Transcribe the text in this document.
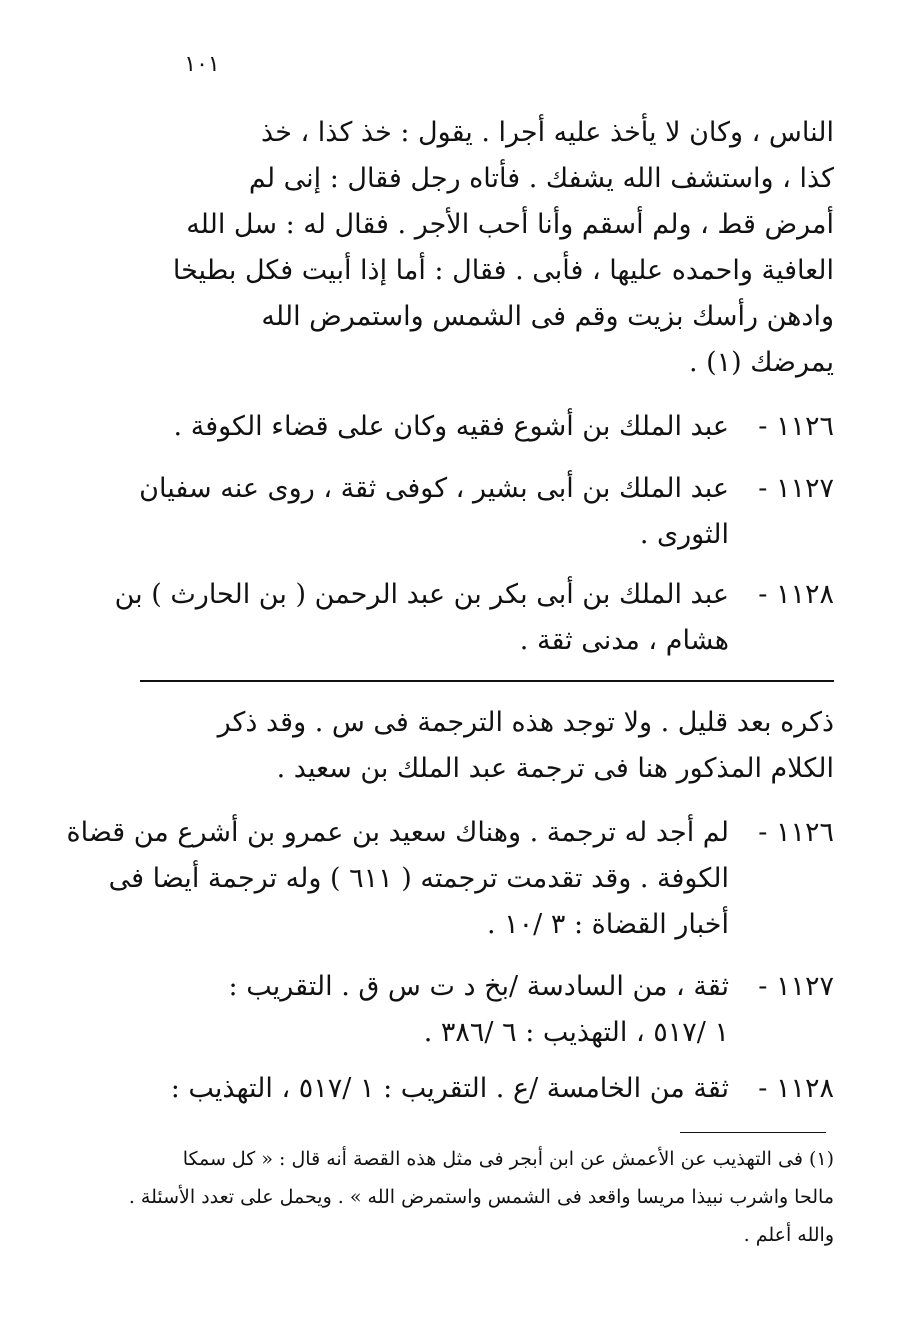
١٠١
الناس ، وكان لا يأخذ عليه أجرا . يقول : خذ كذا ، خذ
كذا ، واستشف الله يشفك . فأتاه رجل فقال : إنى لم
أمرض قط ، ولم أسقم وأنا أحب الأجر . فقال له : سل الله
العافية واحمده عليها ، فأبى . فقال : أما إذا أبيت فكل بطيخا
وادهن رأسك بزيت وقم فى الشمس واستمرض الله
يمرضك (١) .
١١٢٦ -
عبد الملك بن أشوع فقيه وكان على قضاء الكوفة .
١١٢٧ -
عبد الملك بن أبى بشير ، كوفى ثقة ، روى عنه سفيان
الثورى .
١١٢٨ -
عبد الملك بن أبى بكر بن عبد الرحمن ( بن الحارث ) بن
هشام ، مدنى ثقة .
ذكره بعد قليل . ولا توجد هذه الترجمة فى س . وقد ذكر
الكلام المذكور هنا فى ترجمة عبد الملك بن سعيد .
١١٢٦ -
لم أجد له ترجمة . وهناك سعيد بن عمرو بن أشرع من قضاة
الكوفة . وقد تقدمت ترجمته ( ٦١١ ) وله ترجمة أيضا فى
أخبار القضاة : ٣ /١٠ .
١١٢٧ -
ثقة ، من السادسة /بخ د ت س ق . التقريب :
١ /٥١٧ ، التهذيب : ٦ /٣٨٦ .
١١٢٨ -
ثقة من الخامسة /ع . التقريب : ١ /٥١٧ ، التهذيب :
(١) فى التهذيب عن الأعمش عن ابن أبجر فى مثل هذه القصة أنه قال : « كل سمكا
مالحا واشرب نبيذا مريسا واقعد فى الشمس واستمرض الله » . ويحمل على تعدد الأسئلة .
والله أعلم .
